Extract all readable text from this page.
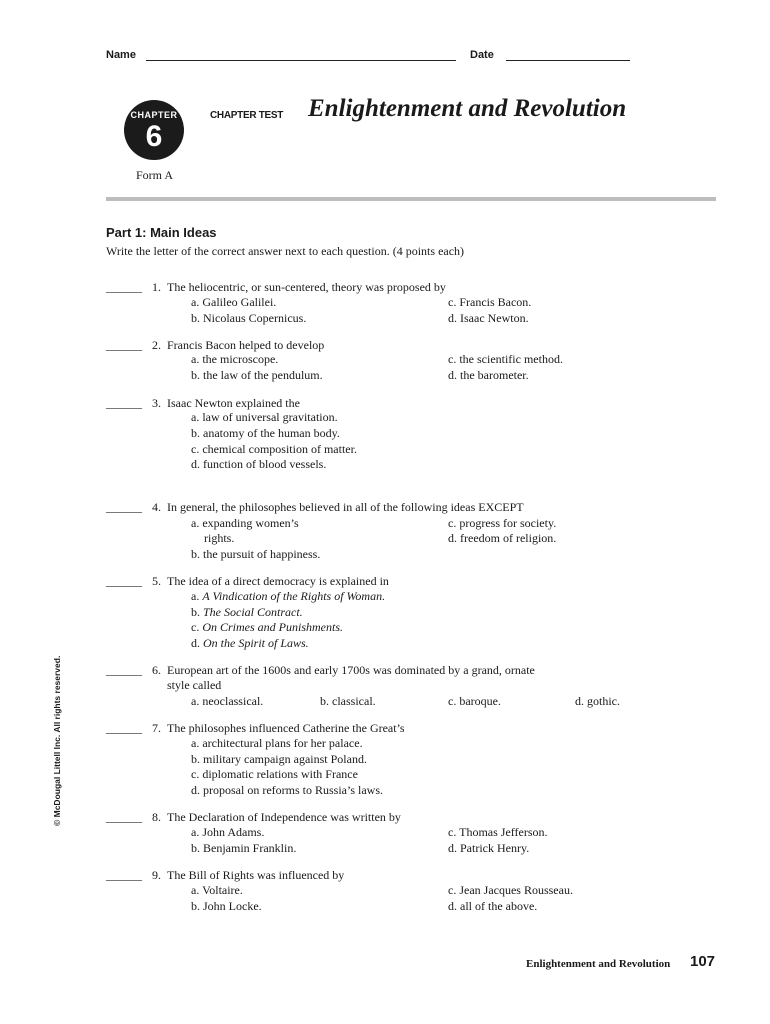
Name	Date
CHAPTER
6
CHAPTER TEST Enlightenment and Revolution
Form A
Part 1: Main Ideas
Write the letter of the correct answer next to each question. (4 points each)
______ 1. The heliocentric, or sun-centered, theory was proposed by
a. Galileo Galilei.
b. Nicolaus Copernicus.
c. Francis Bacon.
d. Isaac Newton.
______ 2. Francis Bacon helped to develop
a. the microscope.
b. the law of the pendulum.
c. the scientific method.
d. the barometer.
______ 3. Isaac Newton explained the
a. law of universal gravitation.
b. anatomy of the human body.
c. chemical composition of matter.
d. function of blood vessels.
______ 4. In general, the philosophes believed in all of the following ideas EXCEPT
a. expanding women’s
rights.
b. the pursuit of happiness.
c. progress for society.
d. freedom of religion.
______ 5. The idea of a direct democracy is explained in
a. A Vindication of the Rights of Woman.
b. The Social Contract.
c. On Crimes and Punishments.
d. On the Spirit of Laws.
______ 6. European art of the 1600s and early 1700s was dominated by a grand, ornate
style called
a. neoclassical.	b. classical.	c. baroque.	d. gothic.
______ 7. The philosophes influenced Catherine the Great’s
a. architectural plans for her palace.
b. military campaign against Poland.
c. diplomatic relations with France
d. proposal on reforms to Russia’s laws.
______ 8. The Declaration of Independence was written by
a. John Adams.
b. Benjamin Franklin.
c. Thomas Jefferson.
d. Patrick Henry.
______ 9. The Bill of Rights was influenced by
a. Voltaire.
b. John Locke.
c. Jean Jacques Rousseau.
d. all of the above.
© McDougal Littell Inc. All rights reserved.
Enlightenment and Revolution 107
